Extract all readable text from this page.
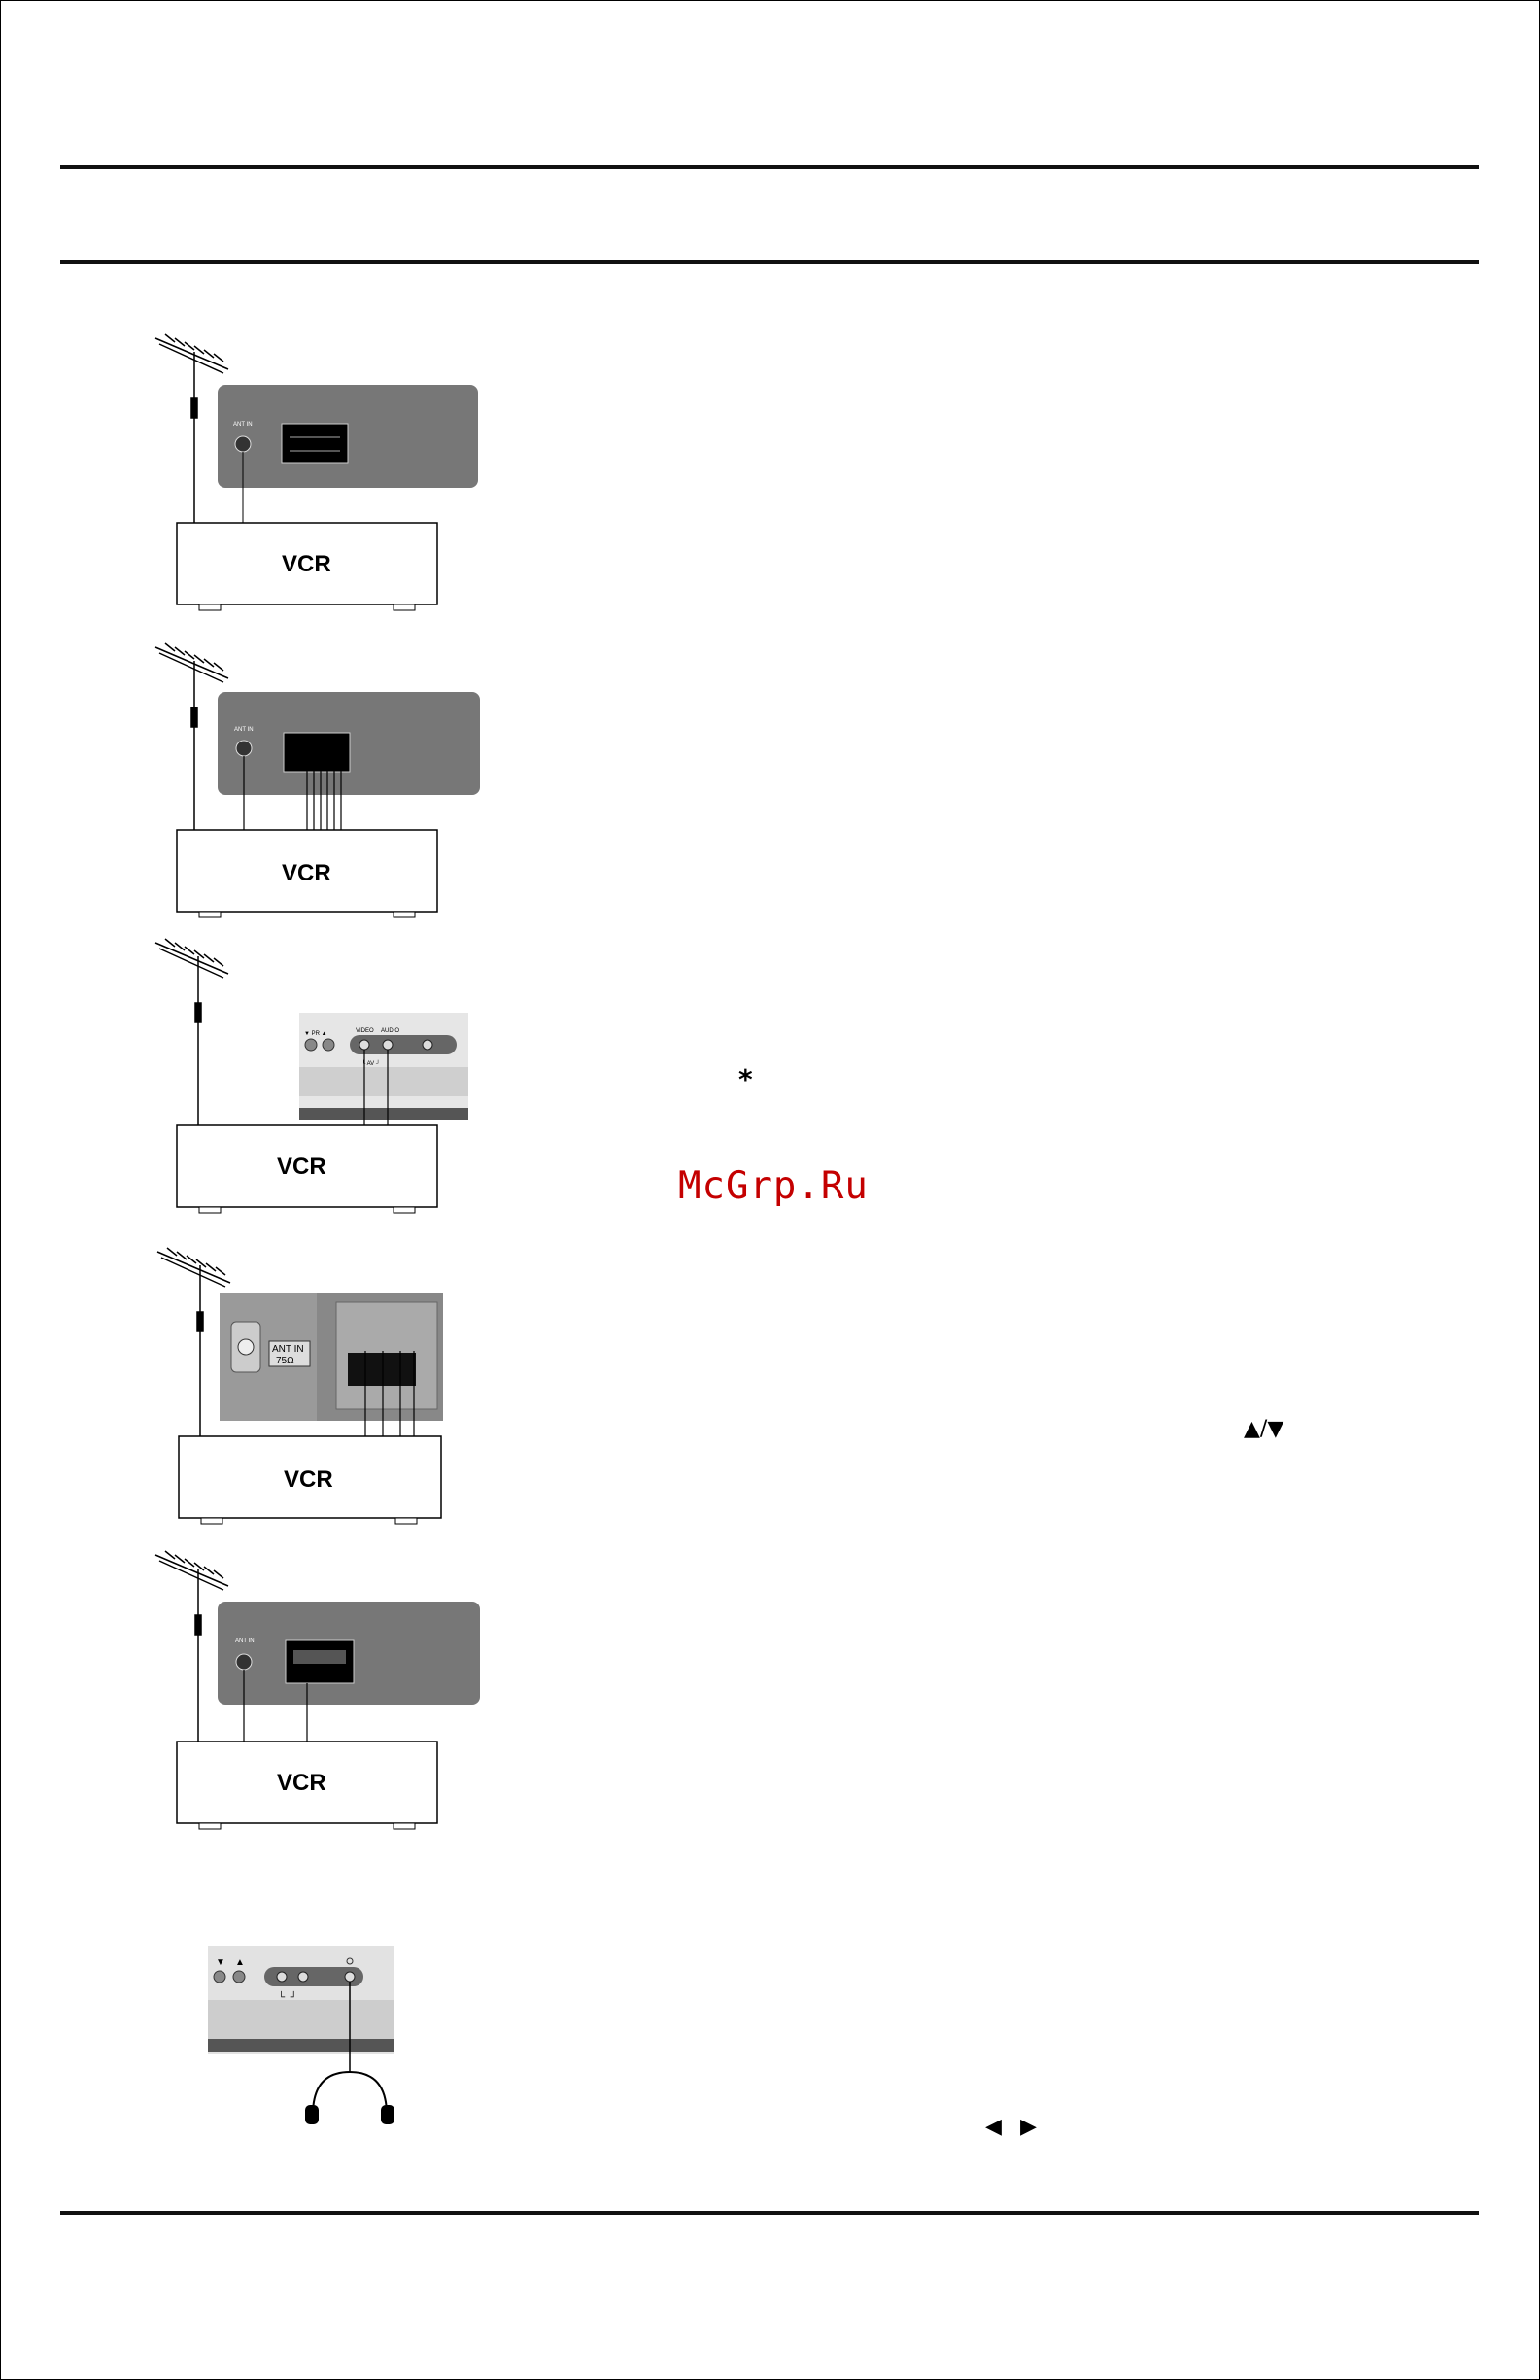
ANT IN
VCR
ANT IN
VCR
▼ PR ▲	VIDEO AUDIO
└ AV ┘
VCR
ANT IN
75Ω
VCR
ANT IN
VCR
▼ ▲
└  ┘
*
McGrp.Ru
▲/▼
◀ ▶
